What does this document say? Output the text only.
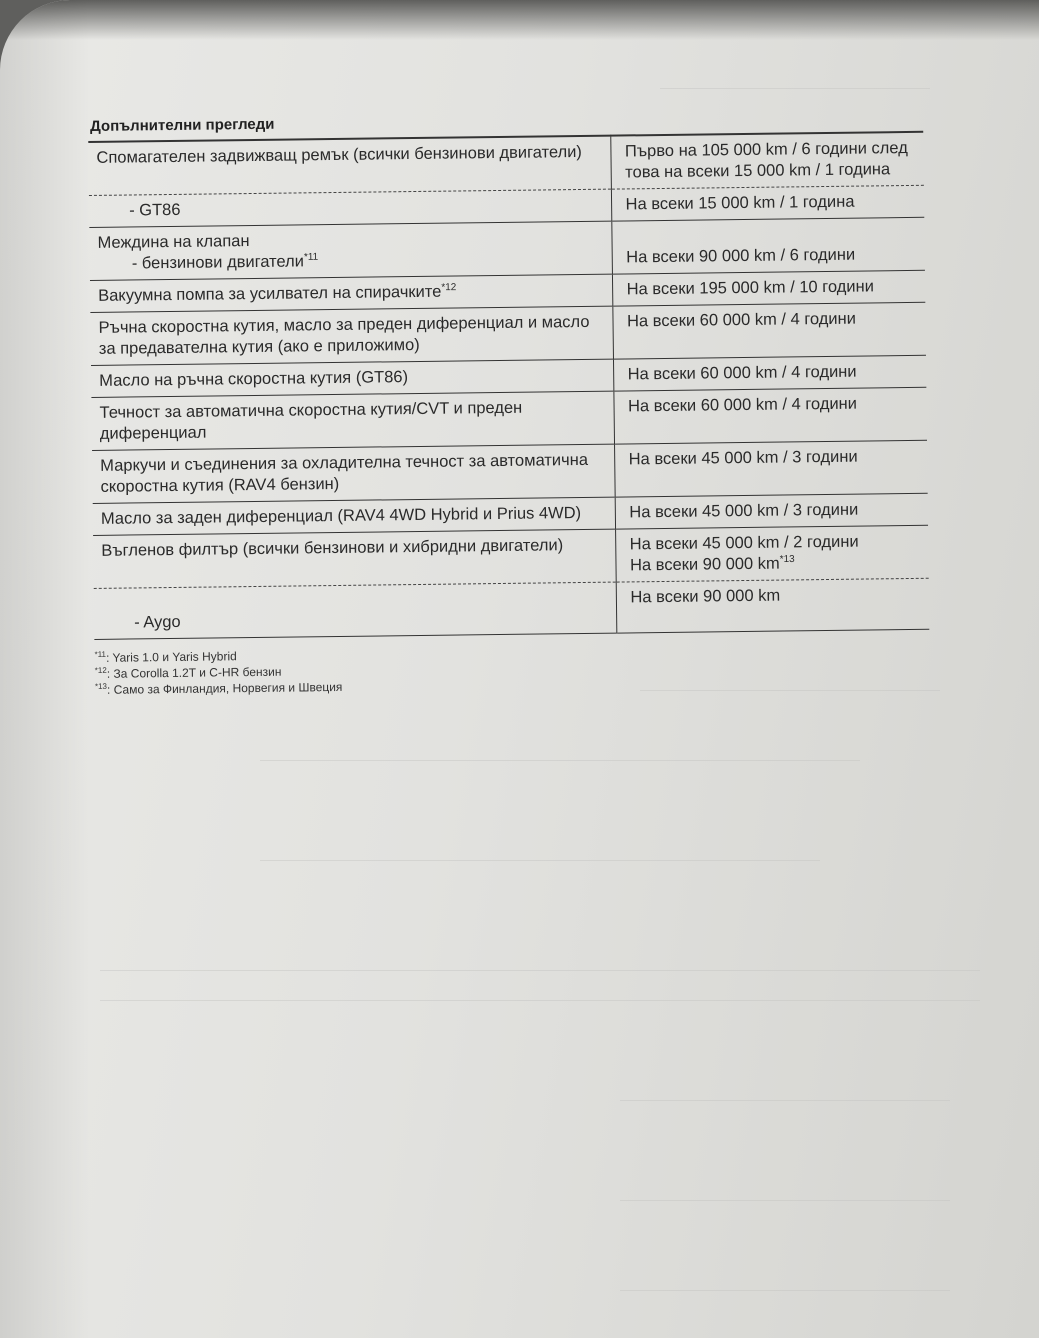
Допълнителни прегледи
Спомагателен задвижващ ремък (всички бензинови двигатели)	Първо на 105 000 km / 6 години след това на всеки 15 000 km / 1 година
- GT86	На всеки 15 000 km / 1 година
Междина на клапан
- бензинови двигатели$^{*11}$	На всеки 90 000 km / 6 години
Вакуумна помпа за усилвател на спирачките$^{*12}$	На всеки 195 000 km / 10 години
Ръчна скоростна кутия, масло за преден диференциал и масло за предавателна кутия (ако е приложимо)	На всеки 60 000 km / 4 години
Масло на ръчна скоростна кутия (GT86)	На всеки 60 000 km / 4 години
Течност за автоматична скоростна кутия/CVT и преден диференциал	На всеки 60 000 km / 4 години
Маркучи и съединения за охладителна течност за автоматична скоростна кутия (RAV4 бензин)	На всеки 45 000 km / 3 години
Масло за заден диференциал (RAV4 4WD Hybrid и Prius 4WD)	На всеки 45 000 km / 3 години
Въгленов филтър (всички бензинови и хибридни двигатели)	На всеки 45 000 km / 2 години
На всеки 90 000 $km^{*13}$
- Aygo	На всеки 90 000 km
$^{*11}$: Yaris 1.0 и Yaris Hybrid
$^{*12}$: За Corolla 1.2T и C-HR бензин
$^{*13}$: Само за Финландия, Норвегия и Швеция
